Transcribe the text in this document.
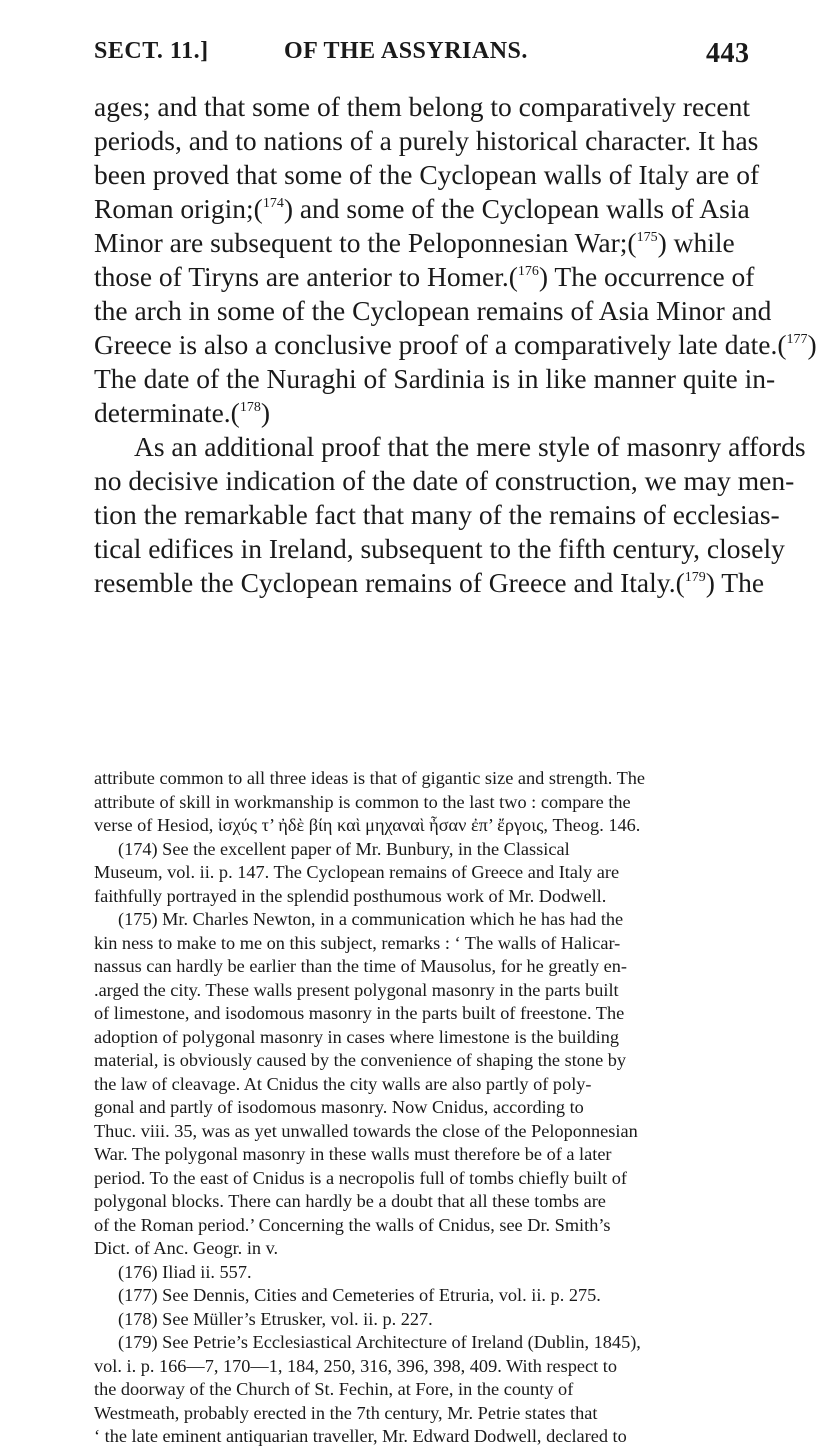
SECT. 11.]	OF THE ASSYRIANS.	443
ages; and that some of them belong to comparatively recent
periods, and to nations of a purely historical character. It has
been proved that some of the Cyclopean walls of Italy are of
Roman origin;($^{174}$) and some of the Cyclopean walls of Asia
Minor are subsequent to the Peloponnesian War;($^{175}$) while
those of Tiryns are anterior to Homer.($^{176}$) The occurrence of
the arch in some of the Cyclopean remains of Asia Minor and
Greece is also a conclusive proof of a comparatively late date.($^{177}$)
The date of the Nuraghi of Sardinia is in like manner quite in-
determinate.($^{178}$)
As an additional proof that the mere style of masonry affords
no decisive indication of the date of construction, we may men-
tion the remarkable fact that many of the remains of ecclesias-
tical edifices in Ireland, subsequent to the fifth century, closely
resemble the Cyclopean remains of Greece and Italy.($^{179}$) The
attribute common to all three ideas is that of gigantic size and strength. The
attribute of skill in workmanship is common to the last two : compare the
verse of Hesiod, ἰσχύς τ’ ἠδὲ βίη καὶ μηχαναὶ ἦσαν ἐπ’ ἔργοις, Theog. 146.
(174) See the excellent paper of Mr. Bunbury, in the Classical
Museum, vol. ii. p. 147. The Cyclopean remains of Greece and Italy are
faithfully portrayed in the splendid posthumous work of Mr. Dodwell.
(175) Mr. Charles Newton, in a communication which he has had the
kin ness to make to me on this subject, remarks : ‘ The walls of Halicar-
nassus can hardly be earlier than the time of Mausolus, for he greatly en-
.arged the city. These walls present polygonal masonry in the parts built
of limestone, and isodomous masonry in the parts built of freestone. The
adoption of polygonal masonry in cases where limestone is the building
material, is obviously caused by the convenience of shaping the stone by
the law of cleavage. At Cnidus the city walls are also partly of poly-
gonal and partly of isodomous masonry. Now Cnidus, according to
Thuc. viii. 35, was as yet unwalled towards the close of the Peloponnesian
War. The polygonal masonry in these walls must therefore be of a later
period. To the east of Cnidus is a necropolis full of tombs chiefly built of
polygonal blocks. There can hardly be a doubt that all these tombs are
of the Roman period.’ Concerning the walls of Cnidus, see Dr. Smith’s
Dict. of Anc. Geogr. in v.
(176) Iliad ii. 557.
(177) See Dennis, Cities and Cemeteries of Etruria, vol. ii. p. 275.
(178) See Müller’s Etrusker, vol. ii. p. 227.
(179) See Petrie’s Ecclesiastical Architecture of Ireland (Dublin, 1845),
vol. i. p. 166—7, 170—1, 184, 250, 316, 396, 398, 409. With respect to
the doorway of the Church of St. Fechin, at Fore, in the county of
Westmeath, probably erected in the 7th century, Mr. Petrie states that
‘ the late eminent antiquarian traveller, Mr. Edward Dodwell, declared to
